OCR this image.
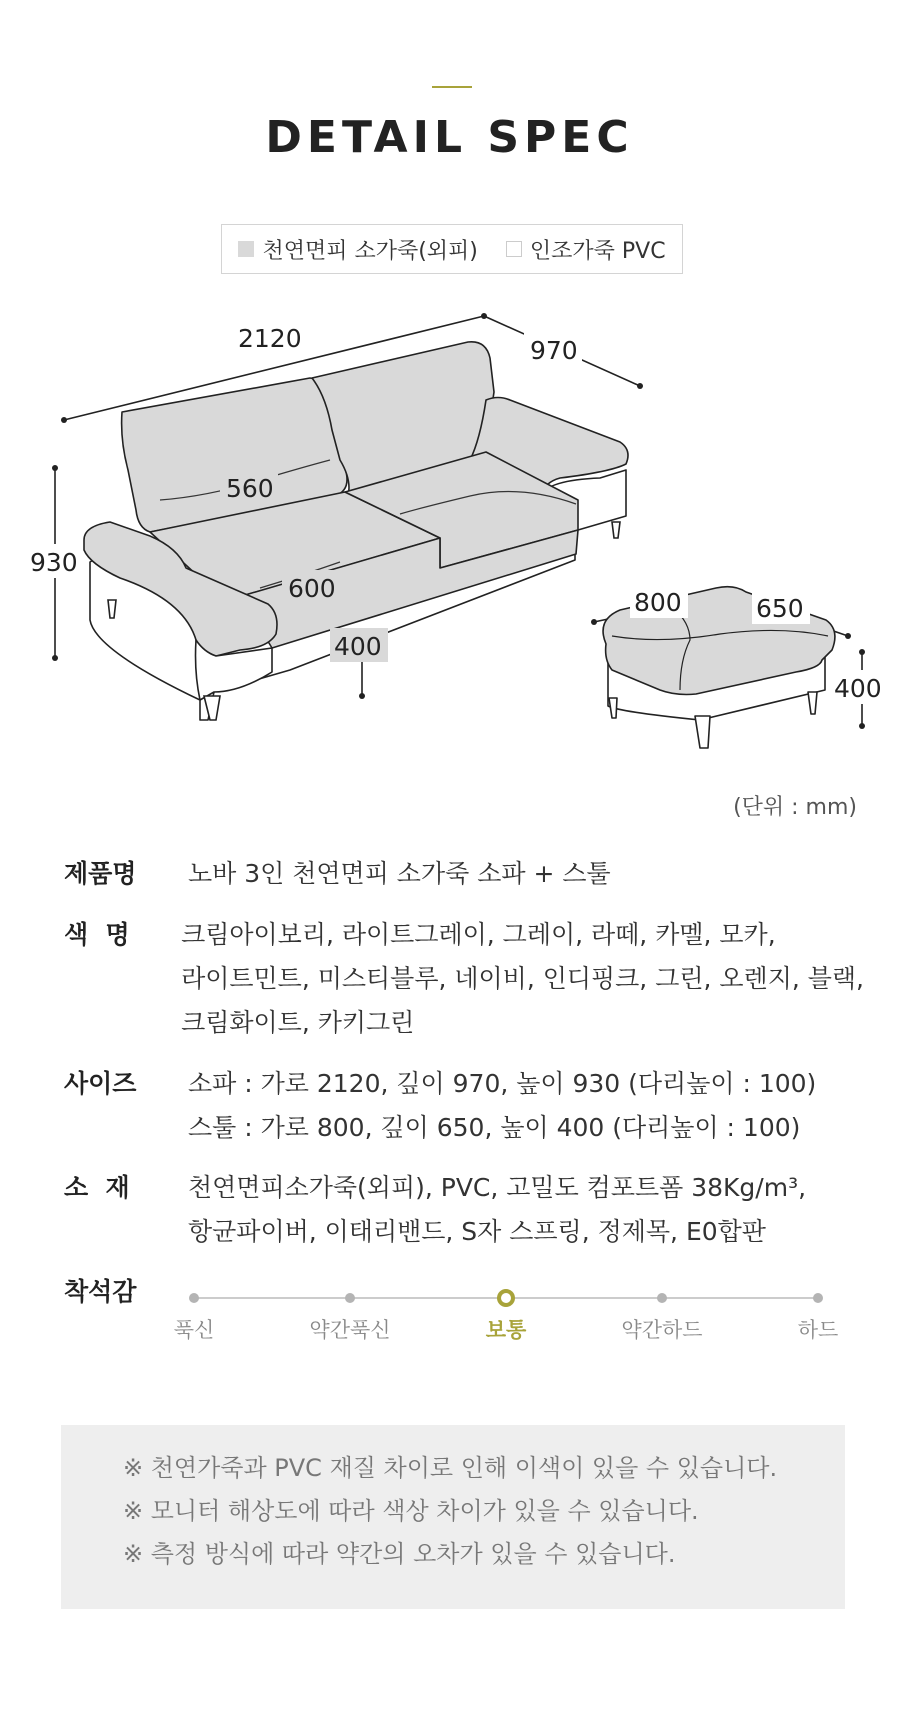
DETAIL SPEC
천연면피 소가죽(외피) 인조가죽 PVC
2120	970
930
560
600
400
800	650
400
(단위 : mm)
제품명	노바 3인 천연면피 소가죽 소파 + 스툴
색  명	크림아이보리, 라이트그레이, 그레이, 라떼, 카멜, 모카,
라이트민트, 미스티블루, 네이비, 인디핑크, 그린, 오렌지, 블랙,
크림화이트, 카키그린
사이즈	소파 : 가로 2120, 깊이 970, 높이 930 (다리높이 : 100)
스툴 : 가로 800, 깊이 650, 높이 400 (다리높이 : 100)
소  재	천연면피소가죽(외피), PVC, 고밀도 컴포트폼 38Kg/m³,
항균파이버, 이태리밴드, S자 스프링, 정제목, E0합판
착석감
푹신	약간푹신	보통	약간하드	하드
※ 천연가죽과 PVC 재질 차이로 인해 이색이 있을 수 있습니다.
※ 모니터 해상도에 따라 색상 차이가 있을 수 있습니다.
※ 측정 방식에 따라 약간의 오차가 있을 수 있습니다.
